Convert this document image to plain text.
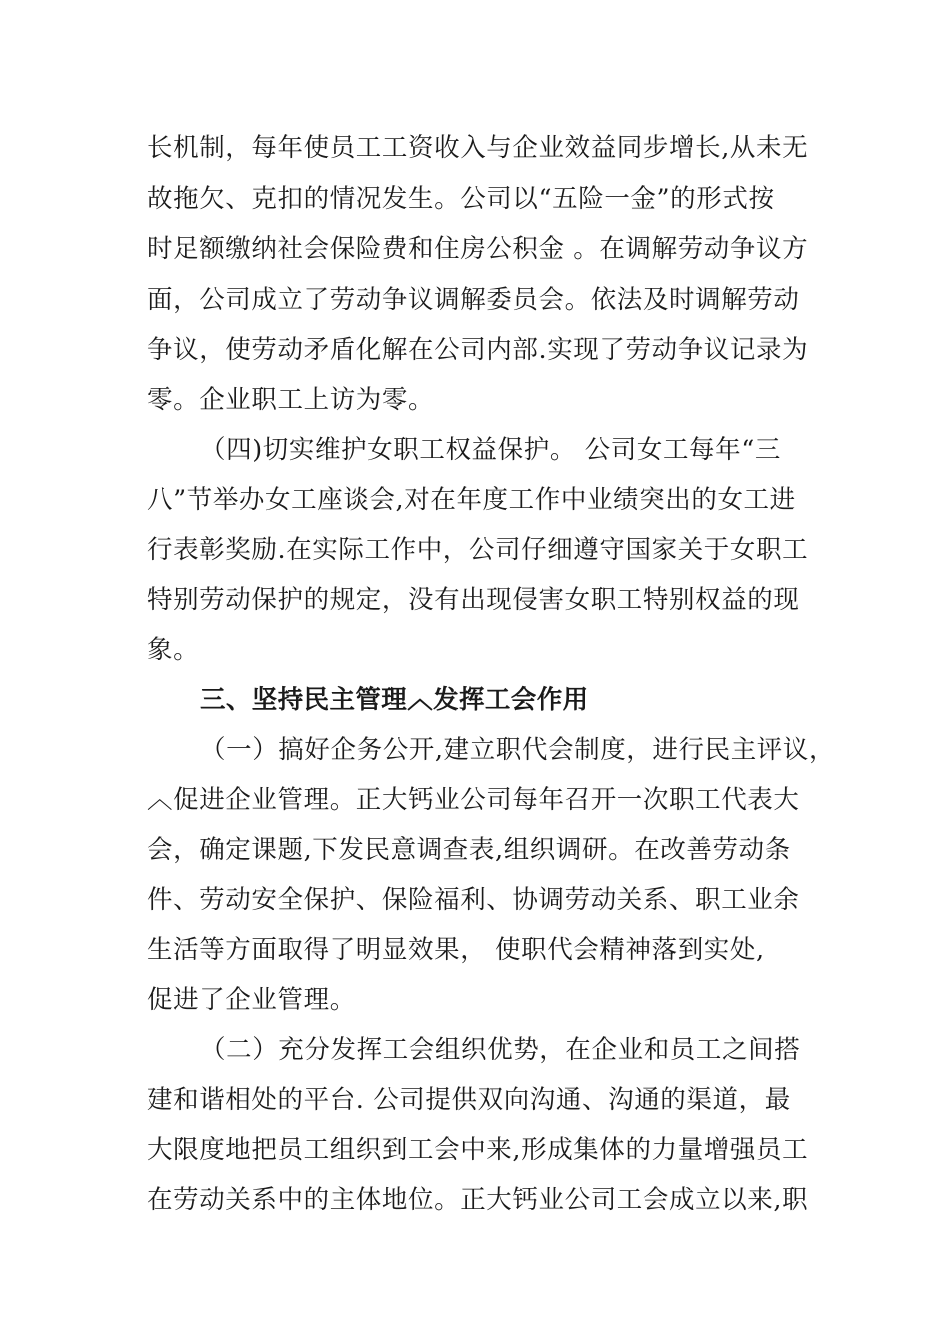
长机制，每年使员工工资收入与企业效益同步增长,从未无
故拖欠、克扣的情况发生。公司以“五险一金”的形式按
时足额缴纳社会保险费和住房公积金 。在调解劳动争议方
面，公司成立了劳动争议调解委员会。依法及时调解劳动
争议，使劳动矛盾化解在公司内部.实现了劳动争议记录为
零。企业职工上访为零。
（四)切实维护女职工权益保护。 公司女工每年“三
八”节举办女工座谈会,对在年度工作中业绩突出的女工进
行表彰奖励.在实际工作中，公司仔细遵守国家关于女职工
特别劳动保护的规定，没有出现侵害女职工特别权益的现
象。
三、坚持民主管理︿发挥工会作用
（一）搞好企务公开,建立职代会制度，进行民主评议，
︿促进企业管理。正大钙业公司每年召开一次职工代表大
会，确定课题,下发民意调查表,组织调研。在改善劳动条
件、劳动安全保护、保险福利、协调劳动关系、职工业余
生活等方面取得了明显效果， 使职代会精神落到实处,
促进了企业管理。
（二）充分发挥工会组织优势，在企业和员工之间搭
建和谐相处的平台. 公司提供双向沟通、沟通的渠道，最
大限度地把员工组织到工会中来,形成集体的力量增强员工
在劳动关系中的主体地位。正大钙业公司工会成立以来,职
